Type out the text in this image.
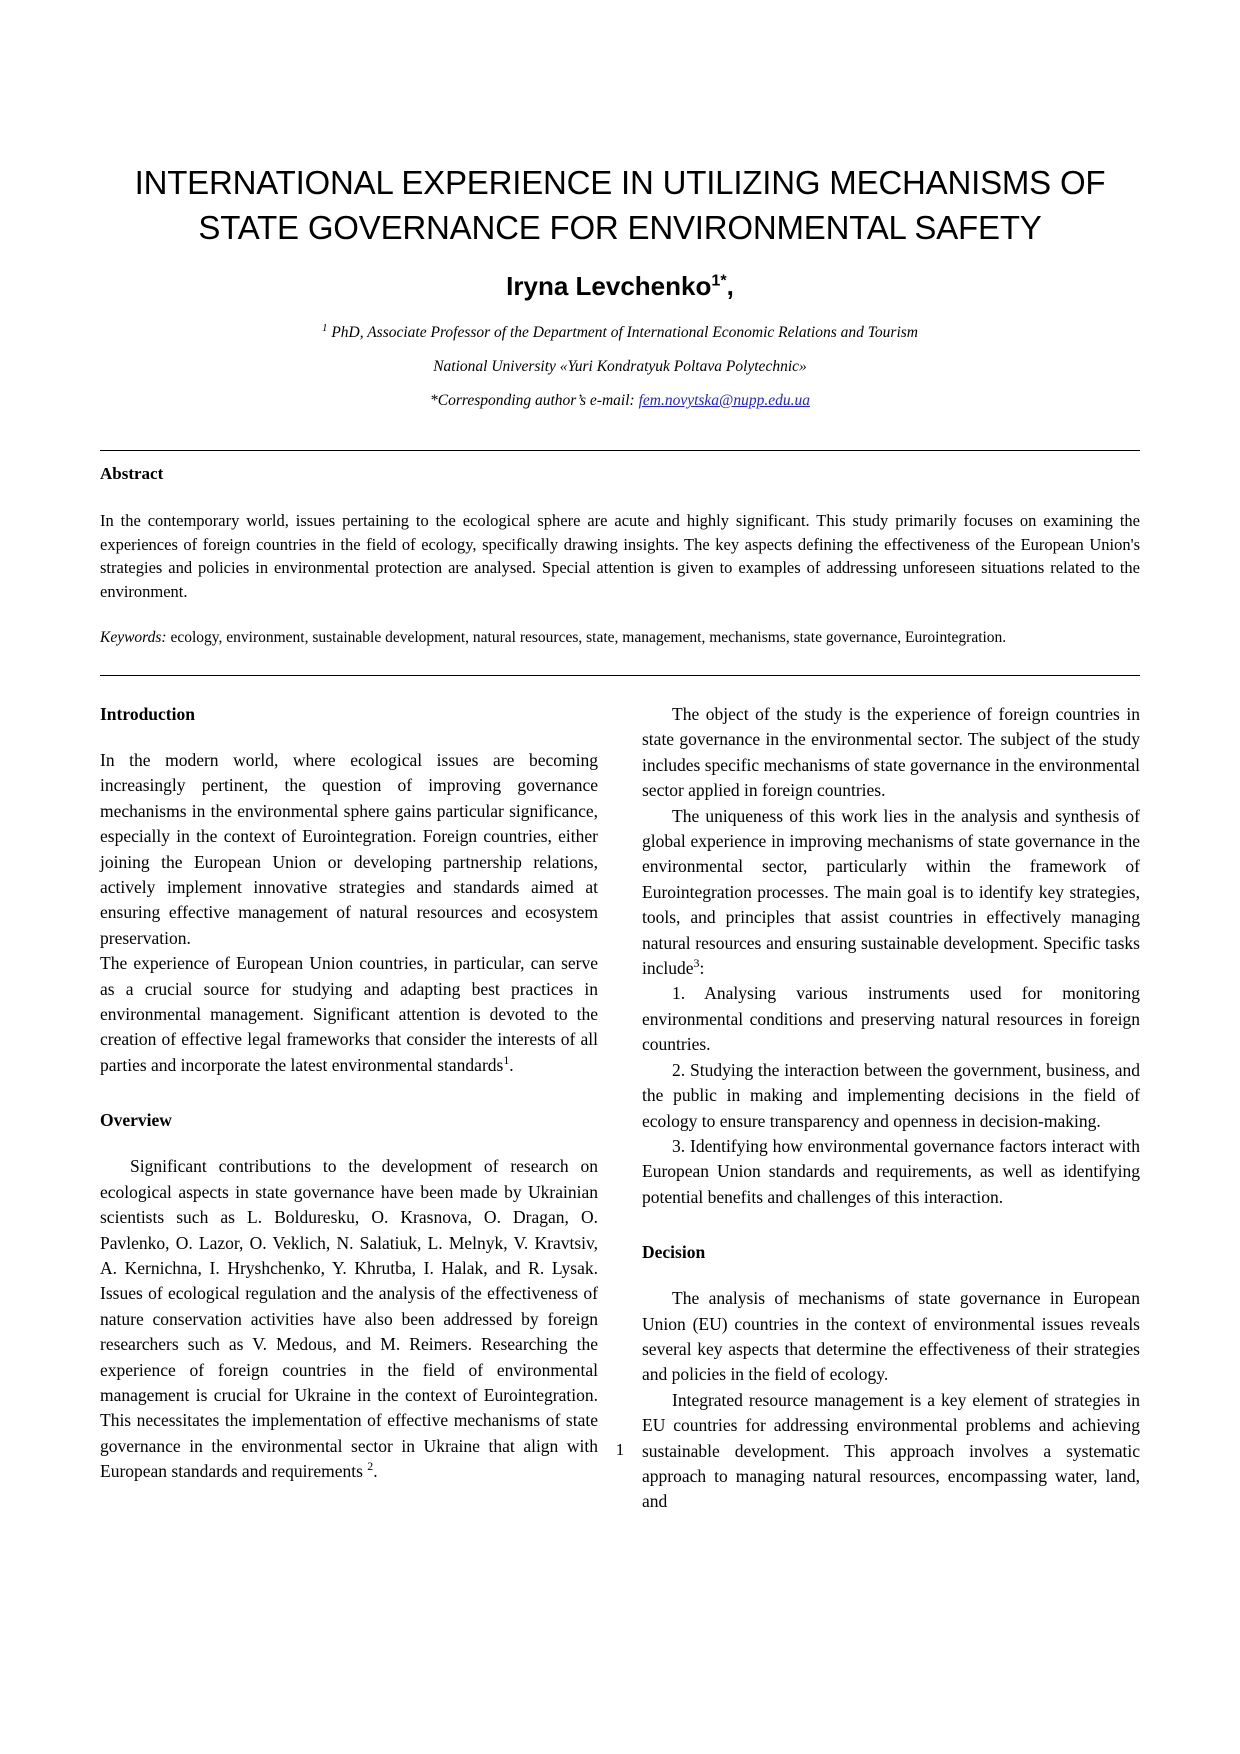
INTERNATIONAL EXPERIENCE IN UTILIZING MECHANISMS OF STATE GOVERNANCE FOR ENVIRONMENTAL SAFETY
Iryna Levchenko$^{1*}$,
$^1$ PhD, Associate Professor of the Department of International Economic Relations and Tourism
National University «Yuri Kondratyuk Poltava Polytechnic»
*Corresponding author’s e-mail: fem.novytska@nupp.edu.ua
Abstract

In the contemporary world, issues pertaining to the ecological sphere are acute and highly significant. This study primarily focuses on examining the experiences of foreign countries in the field of ecology, specifically drawing insights. The key aspects defining the effectiveness of the European Union's strategies and policies in environmental protection are analysed. Special attention is given to examples of addressing unforeseen situations related to the environment.

Keywords: ecology, environment, sustainable development, natural resources, state, management, mechanisms, state governance, Eurointegration.

Introduction

In the modern world, where ecological issues are becoming increasingly pertinent, the question of improving governance mechanisms in the environmental sphere gains particular significance, especially in the context of Eurointegration. Foreign countries, either joining the European Union or developing partnership relations, actively implement innovative strategies and standards aimed at ensuring effective management of natural resources and ecosystem preservation.

The experience of European Union countries, in particular, can serve as a crucial source for studying and adapting best practices in environmental management. Significant attention is devoted to the creation of effective legal frameworks that consider the interests of all parties and incorporate the latest environmental standards$^1$.

Overview

Significant contributions to the development of research on ecological aspects in state governance have been made by Ukrainian scientists such as L. Bolduresku, O. Krasnova, O. Dragan, O. Pavlenko, O. Lazor, O. Veklich, N. Salatiuk, L. Melnyk, V. Kravtsiv, A. Kernichna, I. Hryshchenko, Y. Khrutba, I. Halak, and R. Lysak. Issues of ecological regulation and the analysis of the effectiveness of nature conservation activities have also been addressed by foreign researchers such as V. Medous, and M. Reimers. Researching the experience of foreign countries in the field of environmental management is crucial for Ukraine in the context of Eurointegration. This necessitates the implementation of effective mechanisms of state governance in the environmental sector in Ukraine that align with European standards and requirements $^2$.

The object of the study is the experience of foreign countries in state governance in the environmental sector. The subject of the study includes specific mechanisms of state governance in the environmental sector applied in foreign countries.

The uniqueness of this work lies in the analysis and synthesis of global experience in improving mechanisms of state governance in the environmental sector, particularly within the framework of Eurointegration processes. The main goal is to identify key strategies, tools, and principles that assist countries in effectively managing natural resources and ensuring sustainable development. Specific tasks include$^3$:

1. Analysing various instruments used for monitoring environmental conditions and preserving natural resources in foreign countries.

2. Studying the interaction between the government, business, and the public in making and implementing decisions in the field of ecology to ensure transparency and openness in decision-making.

3. Identifying how environmental governance factors interact with European Union standards and requirements, as well as identifying potential benefits and challenges of this interaction.

Decision

The analysis of mechanisms of state governance in European Union (EU) countries in the context of environmental issues reveals several key aspects that determine the effectiveness of their strategies and policies in the field of ecology.

Integrated resource management is a key element of strategies in EU countries for addressing environmental problems and achieving sustainable development. This approach involves a systematic approach to managing natural resources, encompassing water, land, and

1
